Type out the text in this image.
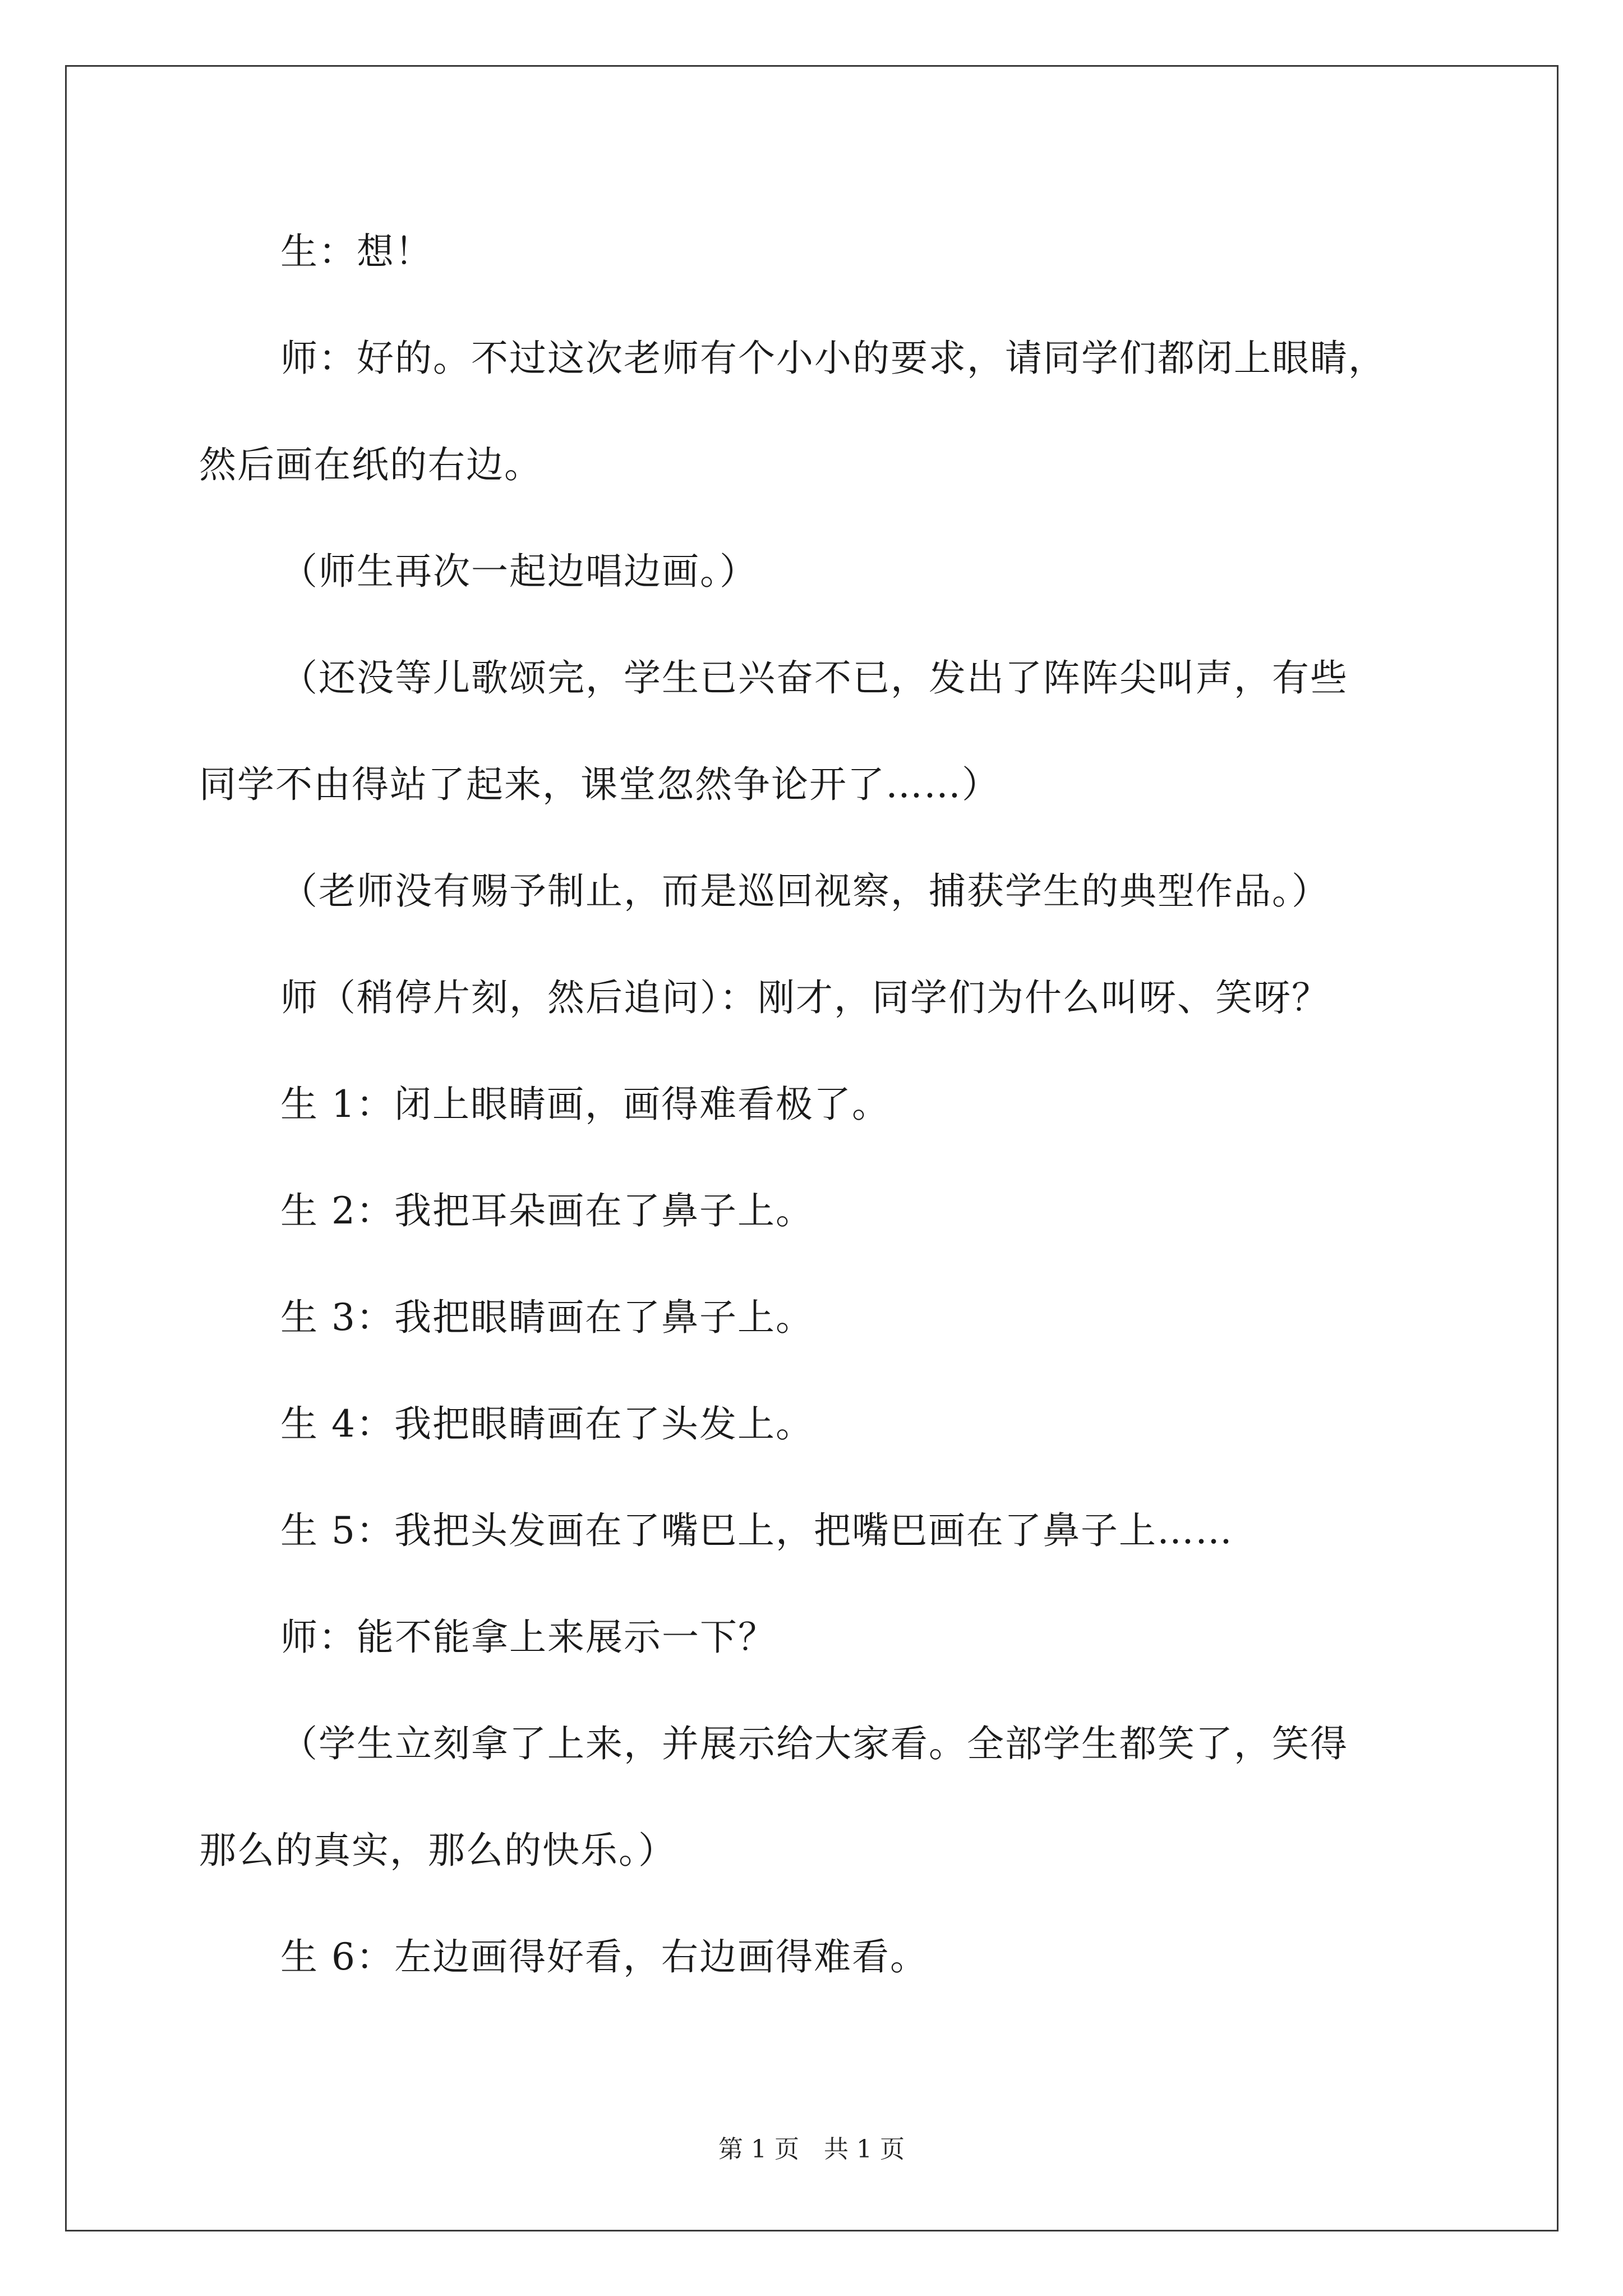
生：想！
师：好的。不过这次老师有个小小的要求，请同学们都闭上眼睛，
然后画在纸的右边。
（师生再次一起边唱边画。）
（还没等儿歌颂完，学生已兴奋不已，发出了阵阵尖叫声，有些
同学不由得站了起来，课堂忽然争论开了……）
（老师没有赐予制止，而是巡回视察，捕获学生的典型作品。）
师（稍停片刻，然后追问）：刚才，同学们为什么叫呀、笑呀？
生 1：闭上眼睛画，画得难看极了。
生 2：我把耳朵画在了鼻子上。
生 3：我把眼睛画在了鼻子上。
生 4：我把眼睛画在了头发上。
生 5：我把头发画在了嘴巴上，把嘴巴画在了鼻子上……
师：能不能拿上来展示一下？
（学生立刻拿了上来，并展示给大家看。全部学生都笑了，笑得
那么的真实，那么的快乐。）
生 6：左边画得好看，右边画得难看。
第 1 页　共 1 页
